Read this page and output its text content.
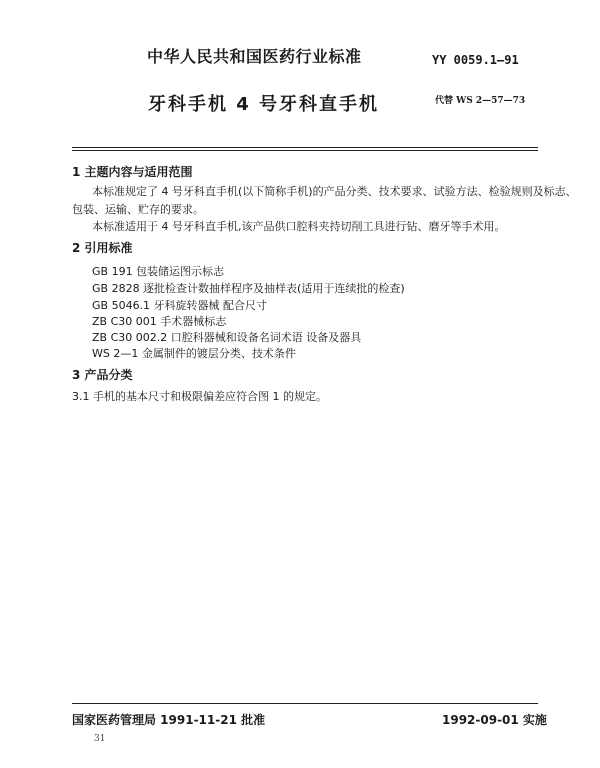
中华人民共和国医药行业标准	YY 0059.1—91
牙科手机 4 号牙科直手机	代替 WS 2—57—73
1 主题内容与适用范围
本标准规定了 4 号牙科直手机(以下简称手机)的产品分类、技术要求、试验方法、检验规则及标志、
包装、运输、贮存的要求。
本标准适用于 4 号牙科直手机,该产品供口腔科夹持切削工具进行钻、磨牙等手术用。
2 引用标准
GB 191 包装储运图示标志
GB 2828 逐批检查计数抽样程序及抽样表(适用于连续批的检查)
GB 5046.1 牙科旋转器械 配合尺寸
ZB C30 001 手术器械标志
ZB C30 002.2 口腔科器械和设备名词术语 设备及器具
WS 2—1 金属制件的镀层分类、技术条件
3 产品分类
3.1 手机的基本尺寸和极限偏差应符合图 1 的规定。
国家医药管理局 1991-11-21 批准	1992-09-01 实施
31
